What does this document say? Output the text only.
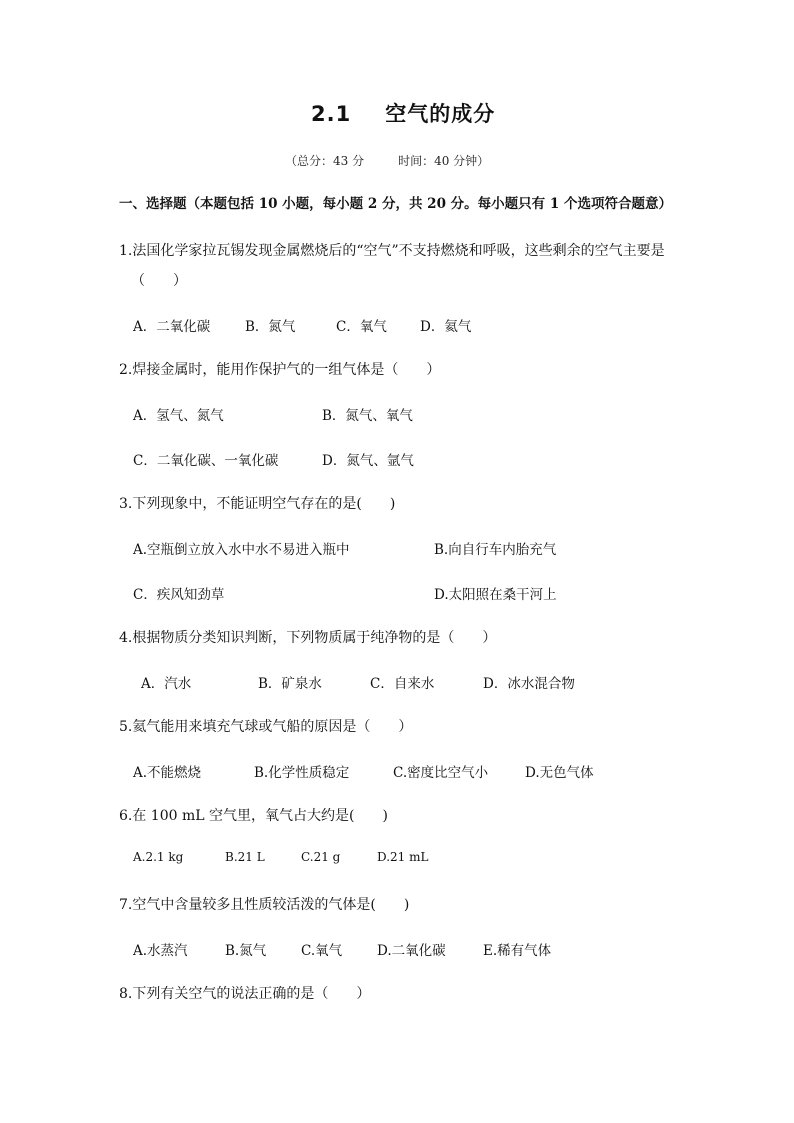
2.1 空气的成分
（总分：43 分	时间：40 分钟）
一、选择题（本题包括 10 小题，每小题 2 分，共 20 分。每小题只有 1 个选项符合题意）
1.法国化学家拉瓦锡发现金属燃烧后的“空气”不支持燃烧和呼吸，这些剩余的空气主要是
（　　）
A．二氧化碳	B．氮气	C．氧气 D．氦气
2.焊接金属时，能用作保护气的一组气体是（　　）
A．氢气、氮气	B．氮气、氧气
C．二氧化碳、一氧化碳	D．氮气、氩气
3.下列现象中，不能证明空气存在的是(　　)
A.空瓶倒立放入水中水不易进入瓶中	B.向自行车内胎充气
C．疾风知劲草	D.太阳照在桑干河上
4.根据物质分类知识判断，下列物质属于纯净物的是（　　）
A．汽水	B．矿泉水	C．自来水	D．冰水混合物
5.氦气能用来填充气球或气船的原因是（　　）
A.不能燃烧	B.化学性质稳定	C.密度比空气小	D.无色气体
6.在 100 mL 空气里，氧气占大约是(　　)
A.2.1 kg	B.21 L	C.21 g	D.21 mL
7.空气中含量较多且性质较活泼的气体是(　　)
A.水蒸汽	B.氮气	C.氧气	D.二氧化碳	E.稀有气体
8.下列有关空气的说法正确的是（　　）
